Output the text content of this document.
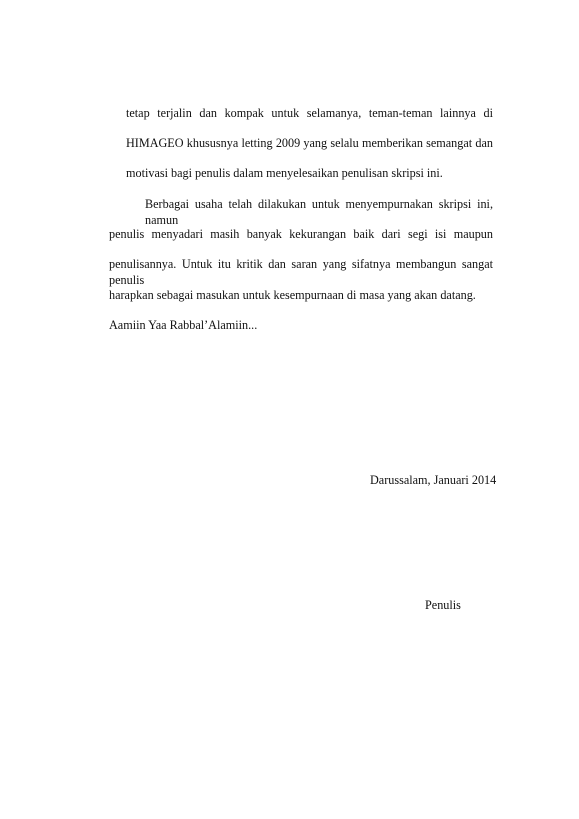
tetap terjalin dan kompak untuk selamanya, teman-teman lainnya di
HIMAGEO khususnya letting 2009 yang selalu memberikan semangat dan
motivasi bagi penulis dalam menyelesaikan penulisan skripsi ini.
Berbagai usaha telah dilakukan untuk menyempurnakan skripsi ini, namun
penulis menyadari masih banyak kekurangan baik dari segi isi maupun
penulisannya. Untuk itu kritik dan saran yang sifatnya membangun sangat penulis
harapkan sebagai masukan untuk kesempurnaan di masa yang akan datang.
Aamiin Yaa Rabbal’Alamiin...
Darussalam, Januari 2014
Penulis
